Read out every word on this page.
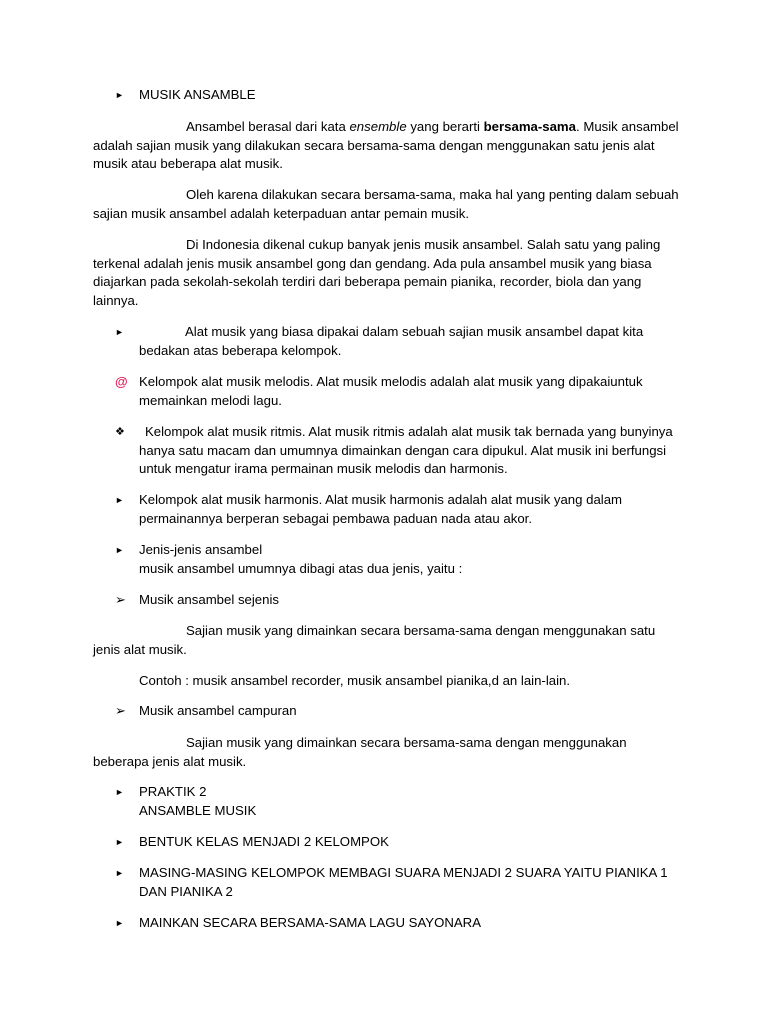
►	MUSIK ANSAMBLE

Ansambel berasal dari kata ensemble yang berarti bersama-sama. Musik ansambel adalah sajian musik yang dilakukan secara bersama-sama dengan menggunakan satu jenis alat musik atau beberapa alat musik.

Oleh karena dilakukan secara bersama-sama, maka hal yang penting dalam sebuah sajian musik ansambel adalah keterpaduan antar pemain musik.

Di Indonesia dikenal cukup banyak jenis musik ansambel. Salah satu yang paling terkenal adalah jenis musik ansambel gong dan gendang. Ada pula ansambel musik yang biasa diajarkan pada sekolah-sekolah terdiri dari beberapa pemain pianika, recorder, biola dan yang lainnya.

►	Alat musik yang biasa dipakai dalam sebuah sajian musik ansambel dapat kita bedakan atas beberapa kelompok.

@ Kelompok alat musik melodis. Alat musik melodis adalah alat musik yang dipakaiuntuk memainkan melodi lagu.

❖	Kelompok alat musik ritmis. Alat musik ritmis adalah alat musik tak bernada yang bunyinya hanya satu macam dan umumnya dimainkan dengan cara dipukul. Alat musik ini berfungsi untuk mengatur irama permainan musik melodis dan harmonis.

►	Kelompok alat musik harmonis. Alat musik harmonis adalah alat musik yang dalam permainannya berperan sebagai pembawa paduan nada atau akor.

►	Jenis-jenis ansambel
musik ansambel umumnya dibagi atas dua jenis, yaitu :

➢ Musik ansambel sejenis

Sajian musik yang dimainkan secara bersama-sama dengan menggunakan satu jenis alat musik.

Contoh : musik ansambel recorder, musik ansambel pianika,d an lain-lain.

➢ Musik ansambel campuran

Sajian musik yang dimainkan secara bersama-sama dengan menggunakan beberapa jenis alat musik.

►	PRAKTIK 2
ANSAMBLE MUSIK

►	BENTUK KELAS MENJADI 2 KELOMPOK

►	MASING-MASING KELOMPOK MEMBAGI SUARA MENJADI 2 SUARA YAITU PIANIKA 1 DAN PIANIKA 2

►	MAINKAN SECARA BERSAMA-SAMA LAGU SAYONARA
